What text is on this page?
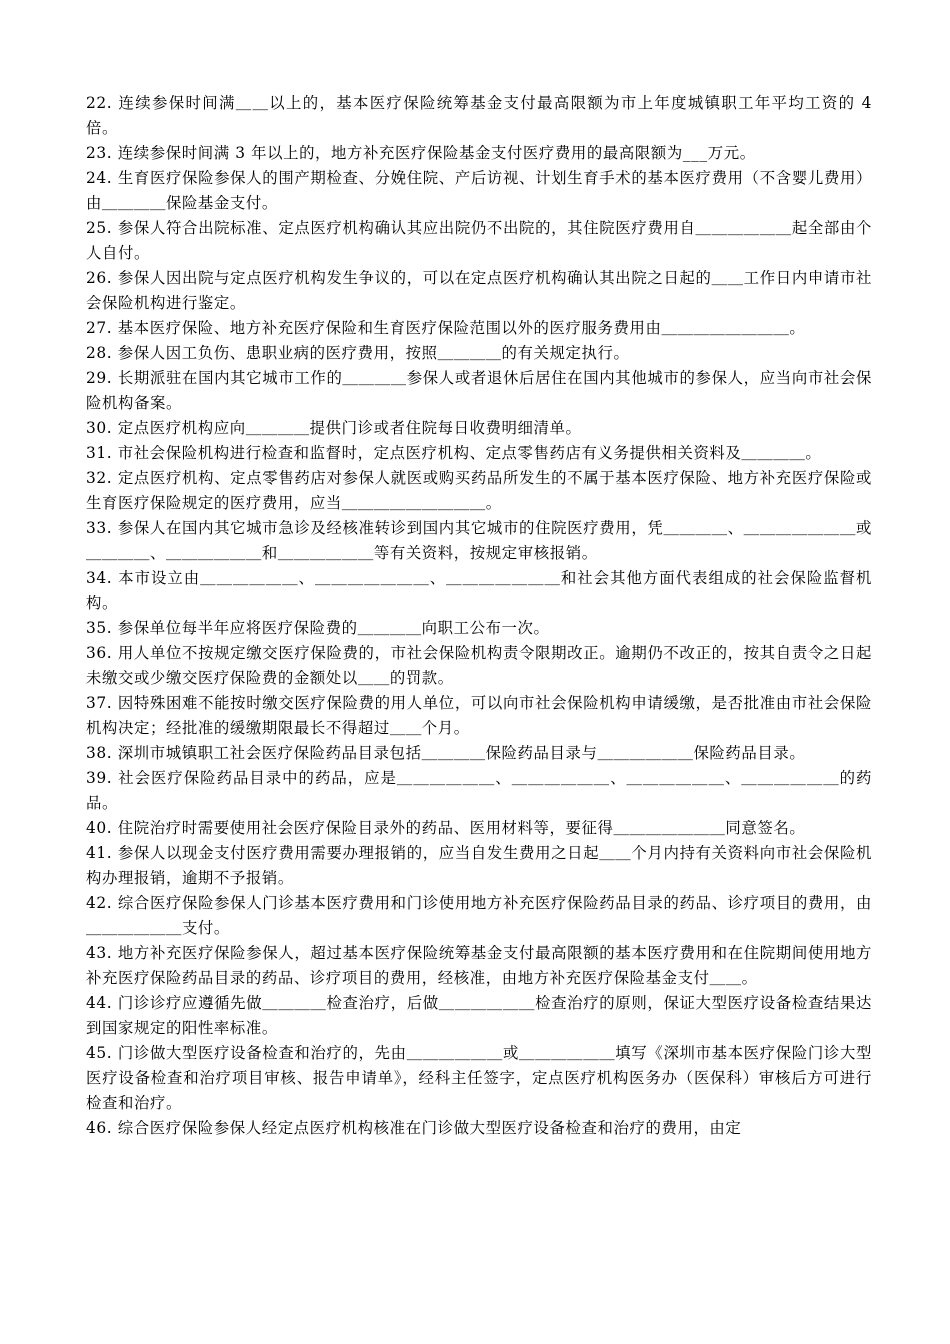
22. 连续参保时间满＿＿以上的，基本医疗保险统筹基金支付最高限额为市上年度城镇职工年平均工资的 4 倍。

23. 连续参保时间满 3 年以上的，地方补充医疗保险基金支付医疗费用的最高限额为___万元。

24. 生育医疗保险参保人的围产期检查、分娩住院、产后访视、计划生育手术的基本医疗费用（不含婴儿费用）由＿＿＿＿保险基金支付。

25. 参保人符合出院标准、定点医疗机构确认其应出院仍不出院的，其住院医疗费用自＿＿＿＿＿＿起全部由个人自付。

26. 参保人因出院与定点医疗机构发生争议的，可以在定点医疗机构确认其出院之日起的＿＿工作日内申请市社会保险机构进行鉴定。

27. 基本医疗保险、地方补充医疗保险和生育医疗保险范围以外的医疗服务费用由＿＿＿＿＿＿＿＿。

28. 参保人因工负伤、患职业病的医疗费用，按照＿＿＿＿的有关规定执行。

29. 长期派驻在国内其它城市工作的＿＿＿＿参保人或者退休后居住在国内其他城市的参保人，应当向市社会保险机构备案。

30. 定点医疗机构应向＿＿＿＿提供门诊或者住院每日收费明细清单。

31. 市社会保险机构进行检查和监督时，定点医疗机构、定点零售药店有义务提供相关资料及＿＿＿＿。

32. 定点医疗机构、定点零售药店对参保人就医或购买药品所发生的不属于基本医疗保险、地方补充医疗保险或生育医疗保险规定的医疗费用，应当＿＿＿＿＿＿＿＿＿。

33. 参保人在国内其它城市急诊及经核准转诊到国内其它城市的住院医疗费用，凭＿＿＿＿、＿＿＿＿＿＿＿或＿＿＿＿、＿＿＿＿＿＿和＿＿＿＿＿＿等有关资料，按规定审核报销。

34. 本市设立由＿＿＿＿＿＿、＿＿＿＿＿＿＿、＿＿＿＿＿＿＿和社会其他方面代表组成的社会保险监督机构。

35. 参保单位每半年应将医疗保险费的＿＿＿＿向职工公布一次。

36. 用人单位不按规定缴交医疗保险费的，市社会保险机构责令限期改正。逾期仍不改正的，按其自责令之日起未缴交或少缴交医疗保险费的金额处以＿＿的罚款。

37. 因特殊困难不能按时缴交医疗保险费的用人单位，可以向市社会保险机构申请缓缴，是否批准由市社会保险机构决定；经批准的缓缴期限最长不得超过＿＿个月。

38. 深圳市城镇职工社会医疗保险药品目录包括＿＿＿＿保险药品目录与＿＿＿＿＿＿保险药品目录。

39. 社会医疗保险药品目录中的药品，应是＿＿＿＿＿＿、＿＿＿＿＿＿、＿＿＿＿＿＿、＿＿＿＿＿＿的药品。

40. 住院治疗时需要使用社会医疗保险目录外的药品、医用材料等，要征得＿＿＿＿＿＿＿同意签名。

41. 参保人以现金支付医疗费用需要办理报销的，应当自发生费用之日起＿＿个月内持有关资料向市社会保险机构办理报销，逾期不予报销。

42. 综合医疗保险参保人门诊基本医疗费用和门诊使用地方补充医疗保险药品目录的药品、诊疗项目的费用，由＿＿＿＿＿＿支付。

43. 地方补充医疗保险参保人，超过基本医疗保险统筹基金支付最高限额的基本医疗费用和在住院期间使用地方补充医疗保险药品目录的药品、诊疗项目的费用，经核准，由地方补充医疗保险基金支付＿＿。

44. 门诊诊疗应遵循先做＿＿＿＿检查治疗，后做＿＿＿＿＿＿检查治疗的原则，保证大型医疗设备检查结果达到国家规定的阳性率标准。

45. 门诊做大型医疗设备检查和治疗的，先由＿＿＿＿＿＿或＿＿＿＿＿＿填写《深圳市基本医疗保险门诊大型医疗设备检查和治疗项目审核、报告申请单》，经科主任签字，定点医疗机构医务办（医保科）审核后方可进行检查和治疗。

46. 综合医疗保险参保人经定点医疗机构核准在门诊做大型医疗设备检查和治疗的费用，由定
